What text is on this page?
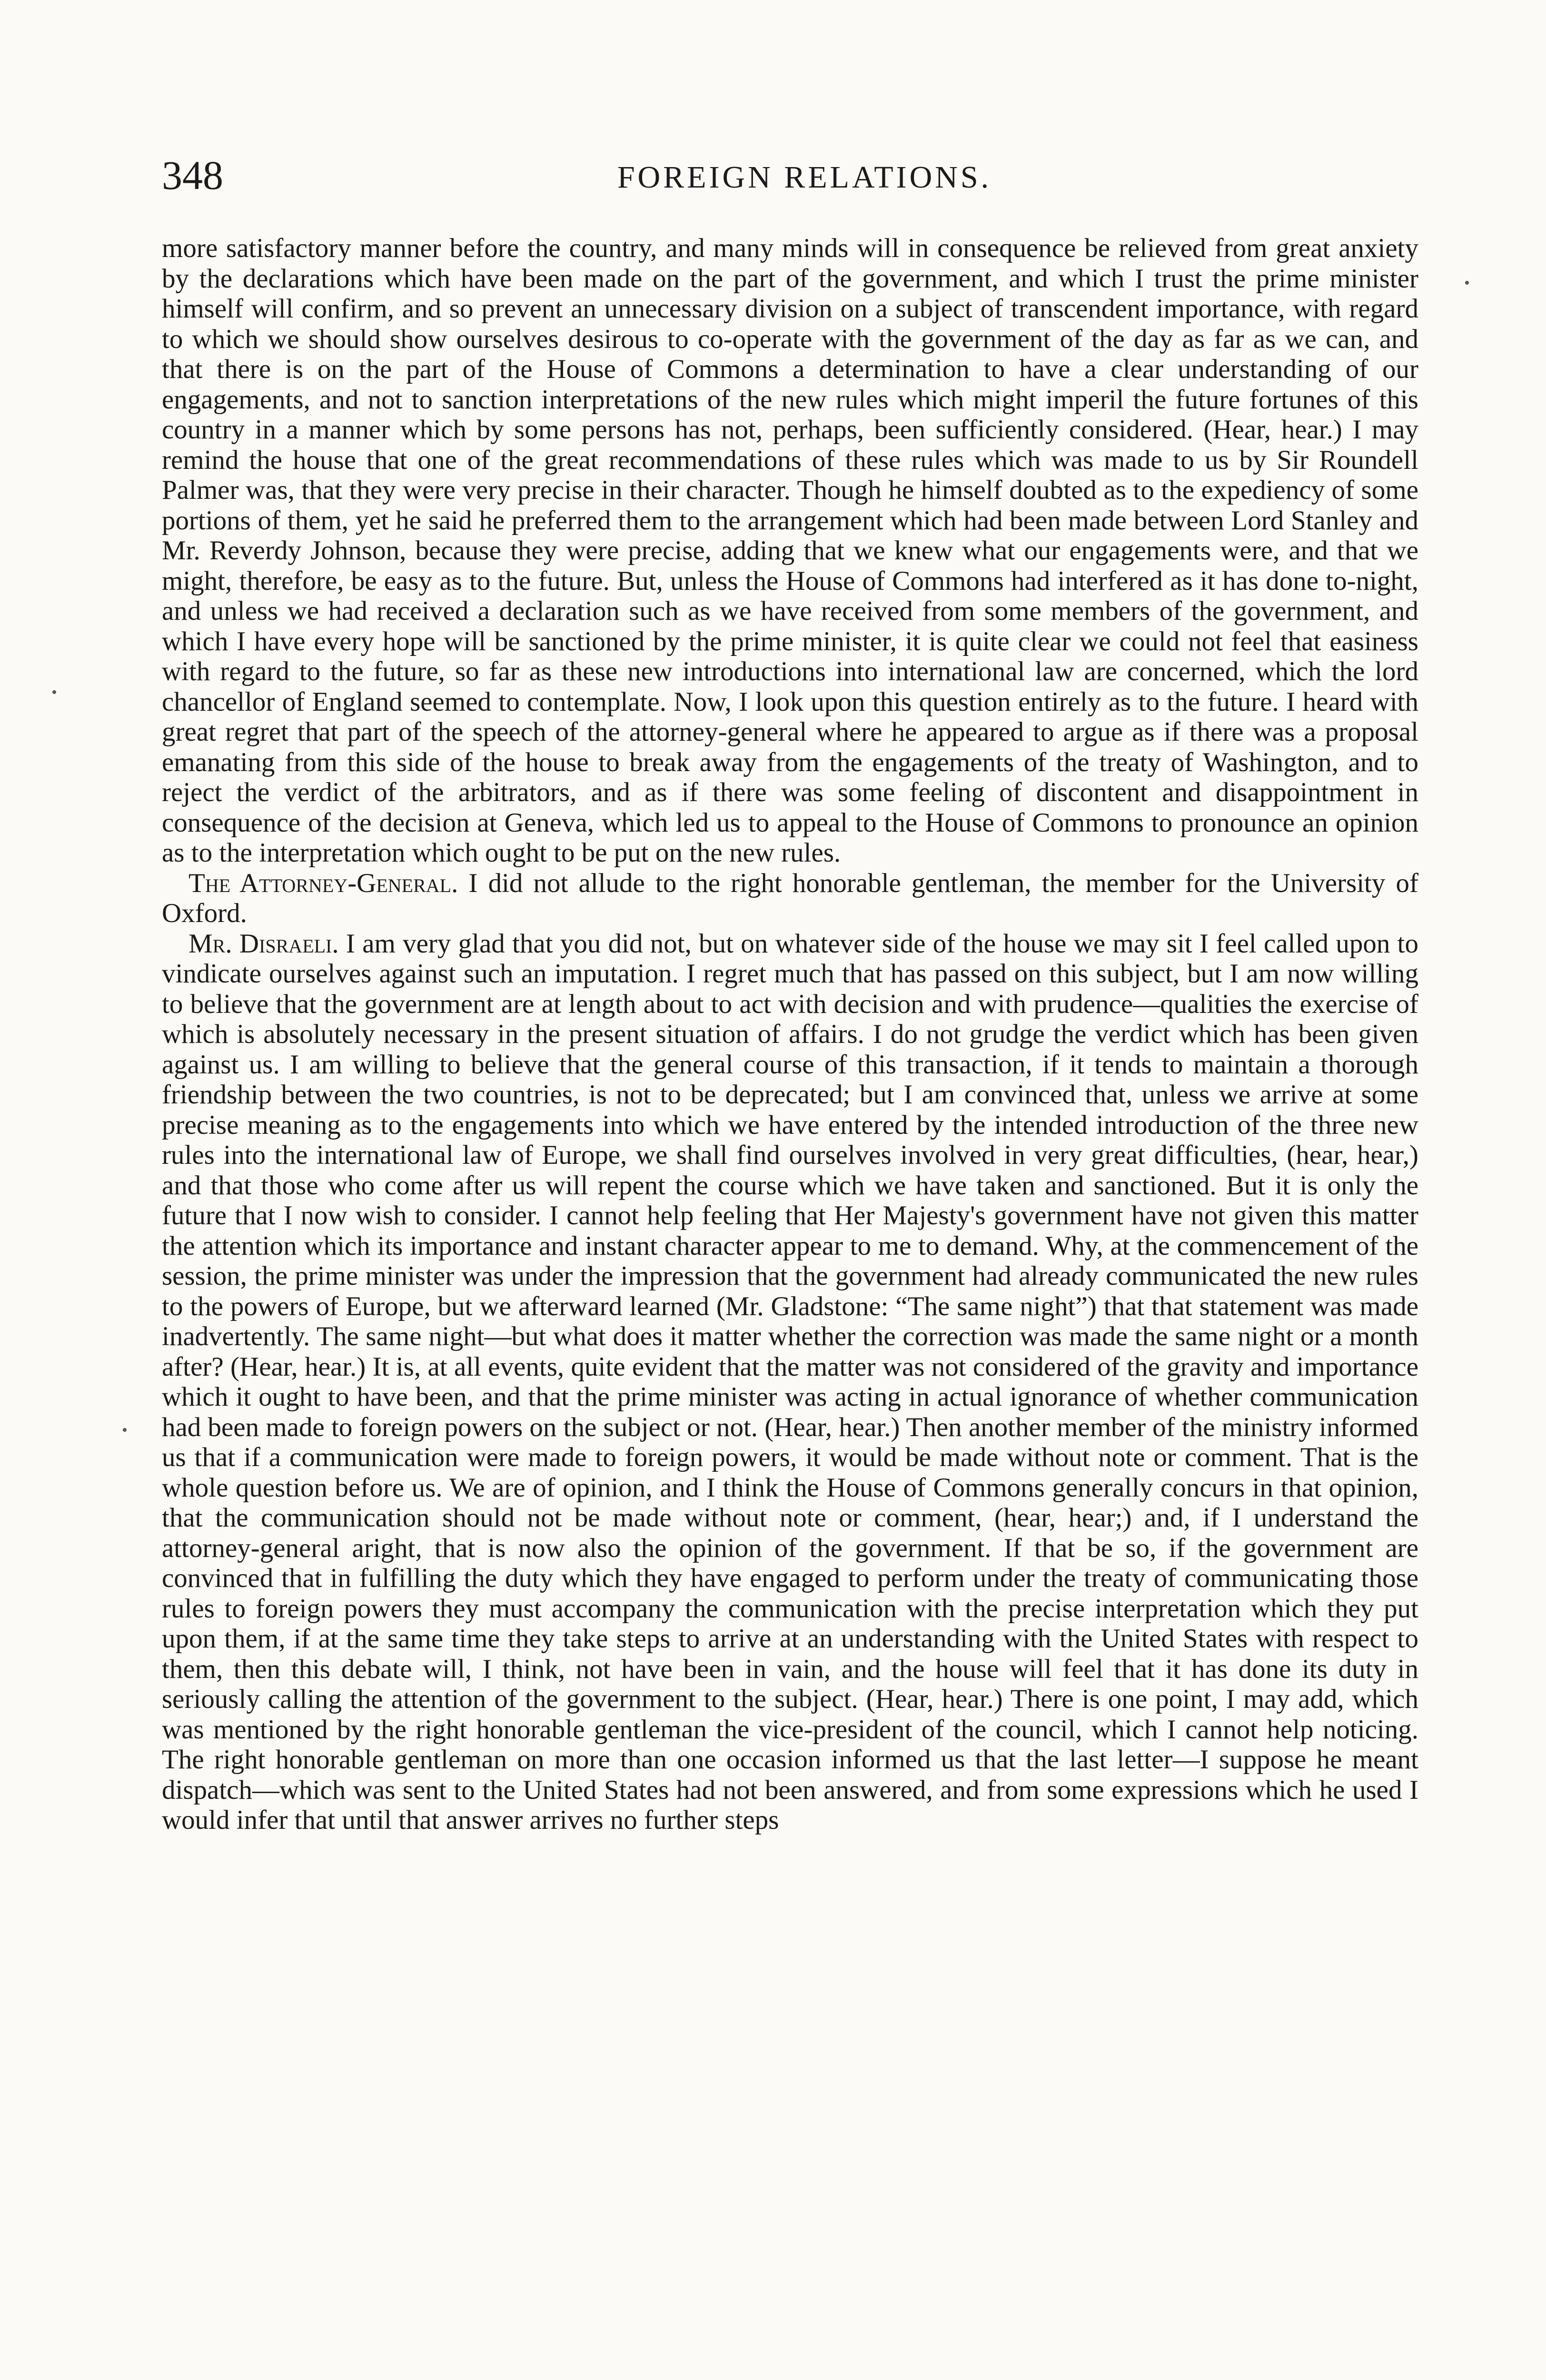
348	FOREIGN RELATIONS.

more satisfactory manner before the country, and many minds will in consequence be relieved from great anxiety by the declarations which have been made on the part of the government, and which I trust the prime minister himself will confirm, and so prevent an unnecessary division on a subject of transcendent importance, with regard to which we should show ourselves desirous to co-operate with the government of the day as far as we can, and that there is on the part of the House of Commons a determination to have a clear understanding of our engagements, and not to sanction interpretations of the new rules which might imperil the future fortunes of this country in a manner which by some persons has not, perhaps, been sufficiently considered. (Hear, hear.) I may remind the house that one of the great recommendations of these rules which was made to us by Sir Roundell Palmer was, that they were very precise in their character. Though he himself doubted as to the expediency of some portions of them, yet he said he preferred them to the arrangement which had been made between Lord Stanley and Mr. Reverdy Johnson, because they were precise, adding that we knew what our engagements were, and that we might, therefore, be easy as to the future. But, unless the House of Commons had interfered as it has done to-night, and unless we had received a declaration such as we have received from some members of the government, and which I have every hope will be sanctioned by the prime minister, it is quite clear we could not feel that easiness with regard to the future, so far as these new introductions into international law are concerned, which the lord chancellor of England seemed to contemplate. Now, I look upon this question entirely as to the future. I heard with great regret that part of the speech of the attorney-general where he appeared to argue as if there was a proposal emanating from this side of the house to break away from the engagements of the treaty of Washington, and to reject the verdict of the arbitrators, and as if there was some feeling of discontent and disappointment in consequence of the decision at Geneva, which led us to appeal to the House of Commons to pronounce an opinion as to the interpretation which ought to be put on the new rules.

The Attorney-General. I did not allude to the right honorable gentleman, the member for the University of Oxford.

Mr. Disraeli. I am very glad that you did not, but on whatever side of the house we may sit I feel called upon to vindicate ourselves against such an imputation. I regret much that has passed on this subject, but I am now willing to believe that the government are at length about to act with decision and with prudence—qualities the exercise of which is absolutely necessary in the present situation of affairs. I do not grudge the verdict which has been given against us. I am willing to believe that the general course of this transaction, if it tends to maintain a thorough friendship between the two countries, is not to be deprecated; but I am convinced that, unless we arrive at some precise meaning as to the engagements into which we have entered by the intended introduction of the three new rules into the international law of Europe, we shall find ourselves involved in very great difficulties, (hear, hear,) and that those who come after us will repent the course which we have taken and sanctioned. But it is only the future that I now wish to consider. I cannot help feeling that Her Majesty's government have not given this matter the attention which its importance and instant character appear to me to demand. Why, at the commencement of the session, the prime minister was under the impression that the government had already communicated the new rules to the powers of Europe, but we afterward learned (Mr. Gladstone: “The same night”) that that statement was made inadvertently. The same night—but what does it matter whether the correction was made the same night or a month after? (Hear, hear.) It is, at all events, quite evident that the matter was not considered of the gravity and importance which it ought to have been, and that the prime minister was acting in actual ignorance of whether communication had been made to foreign powers on the subject or not. (Hear, hear.) Then another member of the ministry informed us that if a communication were made to foreign powers, it would be made without note or comment. That is the whole question before us. We are of opinion, and I think the House of Commons generally concurs in that opinion, that the communication should not be made without note or comment, (hear, hear;) and, if I understand the attorney-general aright, that is now also the opinion of the government. If that be so, if the government are convinced that in fulfilling the duty which they have engaged to perform under the treaty of communicating those rules to foreign powers they must accompany the communication with the precise interpretation which they put upon them, if at the same time they take steps to arrive at an understanding with the United States with respect to them, then this debate will, I think, not have been in vain, and the house will feel that it has done its duty in seriously calling the attention of the government to the subject. (Hear, hear.) There is one point, I may add, which was mentioned by the right honorable gentleman the vice-president of the council, which I cannot help noticing. The right honorable gentleman on more than one occasion informed us that the last letter—I suppose he meant dispatch—which was sent to the United States had not been answered, and from some expressions which he used I would infer that until that answer arrives no further steps
